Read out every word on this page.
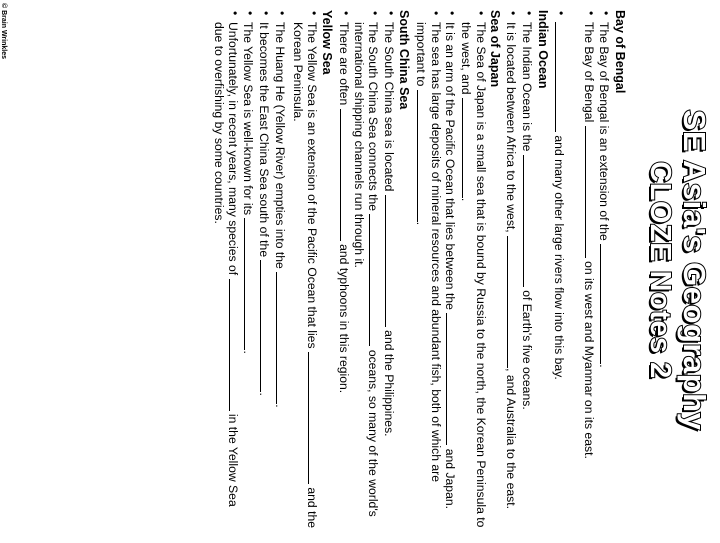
SE Asia's Geography
CLOZE Notes 2
Bay of Bengal
• The Bay of Bengal is an extension of the .
• The Bay of Bengal  on its west and Myanmar on its east.
• and many other large rivers flow into this bay.
Indian Ocean
• The Indian Ocean is the  of Earth's five oceans.
• It is located between Africa to the west, , and Australia to the east.
Sea of Japan
• The Sea of Japan is a small sea that is bound by Russia to the north, the Korean Peninsula to the west, and .
• It is an arm of the Pacific Ocean that lies between the  and Japan.
• The sea has large deposits of mineral resources and abundant fish, both of which are important to .
South China Sea
• The South China sea is located  and the Philippines.
• The South China Sea connects the  oceans, so many of the world's international shipping channels run through it.
• There are often  and typhoons in this region.
Yellow Sea
• The Yellow Sea is an extension of the Pacific Ocean that lies  and the Korean Peninsula.
• The Huang He (Yellow River) empties into the .
• It becomes the East China Sea south of the .
• The Yellow Sea is well-known for its .
• Unfortunately, in recent years, many species of  in the Yellow Sea due to overfishing by some countries.
© Brain Wrinkles
